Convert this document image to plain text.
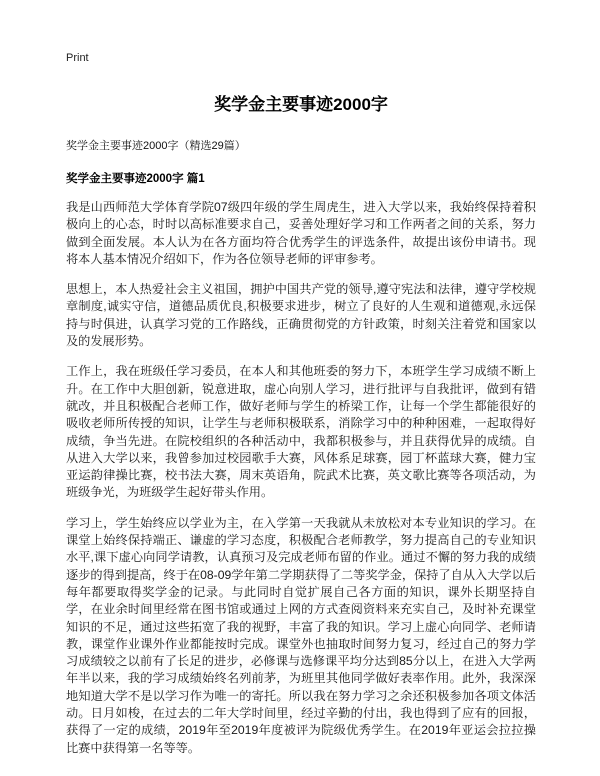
Print
奖学金主要事迹2000字
奖学金主要事迹2000字（精选29篇）
奖学金主要事迹2000字 篇1

我是山西师范大学体育学院07级四年级的学生周虎生，进入大学以来，我始终保持着积极向上的心态，时时以高标准要求自己，妥善处理好学习和工作两者之间的关系，努力做到全面发展。本人认为在各方面均符合优秀学生的评选条件，故提出该份申请书。现将本人基本情况介绍如下，作为各位领导老师的评审参考。

思想上，本人热爱社会主义祖国，拥护中国共产党的领导,遵守宪法和法律，遵守学校规章制度,诚实守信，道德品质优良,积极要求进步，树立了良好的人生观和道德观,永远保持与时俱进，认真学习党的工作路线，正确贯彻党的方针政策，时刻关注着党和国家以及的发展形势。

工作上，我在班级任学习委员，在本人和其他班委的努力下，本班学生学习成绩不断上升。在工作中大胆创新，锐意进取，虚心向别人学习，进行批评与自我批评，做到有错就改，并且积极配合老师工作，做好老师与学生的桥梁工作，让每一个学生都能很好的吸收老师所传授的知识，让学生与老师积极联系，消除学习中的种种困难，一起取得好成绩，争当先进。在院校组织的各种活动中，我都积极参与，并且获得优异的成绩。自从进入大学以来，我曾参加过校园歌手大赛，风体系足球赛，园丁杯蓝球大赛，健力宝亚运韵律操比赛，校书法大赛，周末英语角，院武术比赛，英文歌比赛等各项活动，为班级争光，为班级学生起好带头作用。

学习上，学生始终应以学业为主，在入学第一天我就从未放松对本专业知识的学习。在课堂上始终保持端正、谦虚的学习态度，积极配合老师教学，努力提高自己的专业知识水平,课下虚心向同学请教，认真预习及完成老师布留的作业。通过不懈的努力我的成绩逐步的得到提高，终于在08-09学年第二学期获得了二等奖学金，保持了自从入大学以后每年都要取得奖学金的记录。与此同时自觉扩展自己各方面的知识，课外长期坚持自学，在业余时间里经常在图书馆或通过上网的方式查阅资料来充实自己，及时补充课堂知识的不足，通过这些拓宽了我的视野，丰富了我的知识。学习上虚心向同学、老师请教，课堂作业课外作业都能按时完成。课堂外也抽取时间努力复习，经过自己的努力学习成绩较之以前有了长足的进步，必修课与选修课平均分达到85分以上，在进入大学两年半以来，我的学习成绩始终名列前茅，为班里其他同学做好表率作用。此外，我深深地知道大学不是以学习作为唯一的寄托。所以我在努力学习之余还积极参加各项文体活动。日月如梭，在过去的二年大学时间里，经过辛勤的付出，我也得到了应有的回报，获得了一定的成绩，2019年至2019年度被评为院级优秀学生。在2019年亚运会拉拉操比赛中获得第一名等等。
